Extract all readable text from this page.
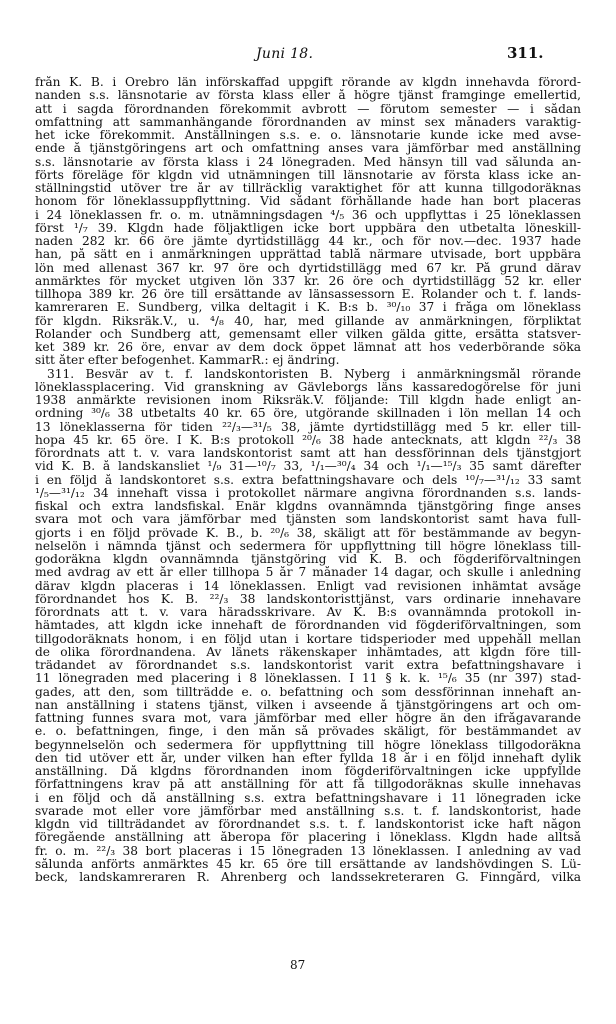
Juni 18.	311.
från K. B. i Örebro län införskaffad uppgift rörande av klgdn innehavda förord-
nanden s.s. länsnotarie av första klass eller å högre tjänst framginge emellertid,
att i sagda förordnanden förekommit avbrott — förutom semester — i sådan
omfattning att sammanhängande förordnanden av minst sex månaders varaktig-
het icke förekommit. Anställningen s.s. e. o. länsnotarie kunde icke med avse-
ende å tjänstgöringens art och omfattning anses vara jämförbar med anställning
s.s. länsnotarie av första klass i 24 lönegraden. Med hänsyn till vad sålunda an-
förts föreläge för klgdn vid utnämningen till länsnotarie av första klass icke an-
ställningstid utöver tre år av tillräcklig varaktighet för att kunna tillgodoräknas
honom för löneklassuppflyttning. Vid sådant förhållande hade han bort placeras
i 24 löneklassen fr. o. m. utnämningsdagen ⁴/₅ 36 och uppflyttas i 25 löneklassen
först ¹/₇ 39. Klgdn hade följaktligen icke bort uppbära den utbetalta löneskill-
naden 282 kr. 66 öre jämte dyrtidstillägg 44 kr., och för nov.—dec. 1937 hade
han, på sätt en i anmärkningen upprättad tablå närmare utvisade, bort uppbära
lön med allenast 367 kr. 97 öre och dyrtidstillägg med 67 kr. På grund därav
anmärktes för mycket utgiven lön 337 kr. 26 öre och dyrtidstillägg 52 kr. eller
tillhopa 389 kr. 26 öre till ersättande av länsassessorn E. Rolander och t. f. lands-
kamreraren E. Sundberg, vilka deltagit i K. B:s b. ³⁰/₁₀ 37 i fråga om löneklass
för klgdn. Riksräk.V., u. ⁴/₈ 40, har, med gillande av anmärkningen, förpliktat
Rolander och Sundberg att, gemensamt eller vilken gälda gitte, ersätta statsver-
ket 389 kr. 26 öre, envar av dem dock öppet lämnat att hos vederbörande söka
sitt åter efter befogenhet. KammarR.: ej ändring.
311. Besvär av t. f. landskontoristen B. Nyberg i anmärkningsmål rörande
löneklassplacering. Vid granskning av Gävleborgs läns kassaredogörelse för juni
1938 anmärkte revisionen inom Riksräk.V. följande: Till klgdn hade enligt an-
ordning ³⁰/₆ 38 utbetalts 40 kr. 65 öre, utgörande skillnaden i lön mellan 14 och
13 löneklasserna för tiden ²²/₃—³¹/₅ 38, jämte dyrtidstillägg med 5 kr. eller till-
hopa 45 kr. 65 öre. I K. B:s protokoll ²⁰/₆ 38 hade antecknats, att klgdn ²²/₃ 38
förordnats att t. v. vara landskontorist samt att han dessförinnan dels tjänstgjort
vid K. B. å landskansliet ¹/₉ 31—¹⁰/₇ 33, ¹/₁—³⁰/₄ 34 och ¹/₁—¹⁵/₃ 35 samt därefter
i en följd å landskontoret s.s. extra befattningshavare och dels ¹⁰/₇—³¹/₁₂ 33 samt
¹/₅—³¹/₁₂ 34 innehaft vissa i protokollet närmare angivna förordnanden s.s. lands-
fiskal och extra landsfiskal. Enär klgdns ovannämnda tjänstgöring finge anses
svara mot och vara jämförbar med tjänsten som landskontorist samt hava full-
gjorts i en följd prövade K. B., b. ²⁰/₆ 38, skäligt att för bestämmande av begyn-
nelselön i nämnda tjänst och sedermera för uppflyttning till högre löneklass till-
godoräkna klgdn ovannämnda tjänstgöring vid K. B. och fögderiförvaltningen
med avdrag av ett år eller tillhopa 5 år 7 månader 14 dagar, och skulle i anledning
därav klgdn placeras i 14 löneklassen. Enligt vad revisionen inhämtat avsåge
förordnandet hos K. B. ²²/₃ 38 landskontoristtjänst, vars ordinarie innehavare
förordnats att t. v. vara häradsskrivare. Av K. B:s ovannämnda protokoll in-
hämtades, att klgdn icke innehaft de förordnanden vid fögderiförvaltningen, som
tillgodoräknats honom, i en följd utan i kortare tidsperioder med uppehåll mellan
de olika förordnandena. Av länets räkenskaper inhämtades, att klgdn före till-
trädandet av förordnandet s.s. landskontorist varit extra befattningshavare i
11 lönegraden med placering i 8 löneklassen. I 11 § k. k. ¹⁵/₆ 35 (nr 397) stad-
gades, att den, som tillträdde e. o. befattning och som dessförinnan innehaft an-
nan anställning i statens tjänst, vilken i avseende å tjänstgöringens art och om-
fattning funnes svara mot, vara jämförbar med eller högre än den ifrågavarande
e. o. befattningen, finge, i den mån så prövades skäligt, för bestämmandet av
begynnelselön och sedermera för uppflyttning till högre löneklass tillgodoräkna
den tid utöver ett år, under vilken han efter fyllda 18 år i en följd innehaft dylik
anställning. Då klgdns förordnanden inom fögderiförvaltningen icke uppfyllde
författningens krav på att anställning för att få tillgodoräknas skulle innehavas
i en följd och då anställning s.s. extra befattningshavare i 11 lönegraden icke
svarade mot eller vore jämförbar med anställning s.s. t. f. landskontorist, hade
klgdn vid tillträdandet av förordnandet s.s. t. f. landskontorist icke haft någon
föregående anställning att åberopa för placering i löneklass. Klgdn hade alltså
fr. o. m. ²²/₃ 38 bort placeras i 15 lönegraden 13 löneklassen. I anledning av vad
sålunda anförts anmärktes 45 kr. 65 öre till ersättande av landshövdingen S. Lü-
beck, landskamreraren R. Ahrenberg och landssekreteraren G. Finngård, vilka
87
